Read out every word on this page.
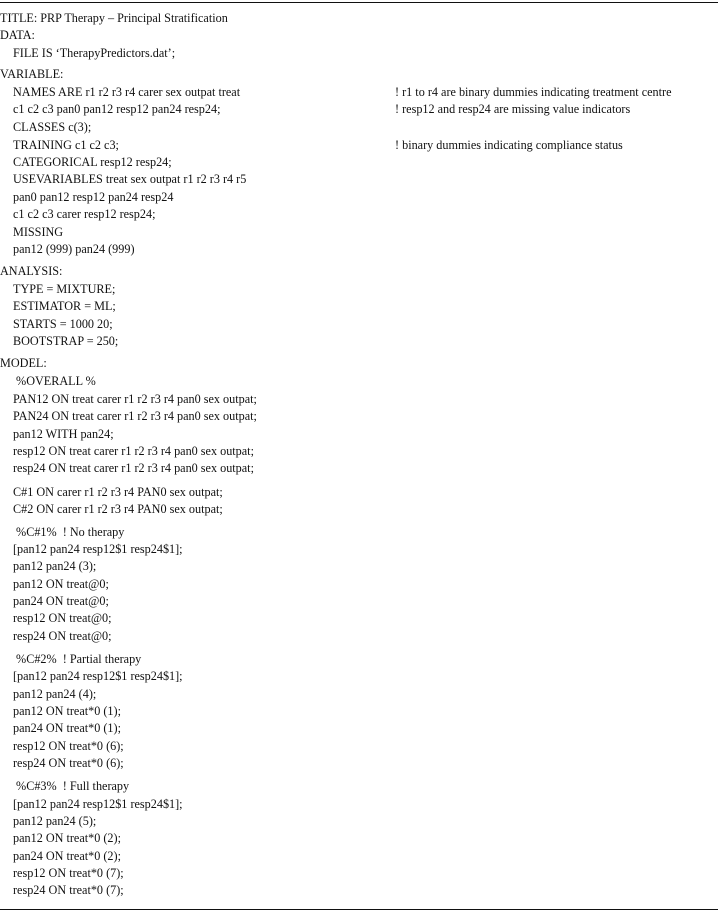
TITLE: PRP Therapy – Principal Stratification
DATA:
FILE IS ‘TherapyPredictors.dat’;
VARIABLE:
NAMES ARE r1 r2 r3 r4 carer sex outpat treat	! r1 to r4 are binary dummies indicating treatment centre
c1 c2 c3 pan0 pan12 resp12 pan24 resp24;	! resp12 and resp24 are missing value indicators
CLASSES c(3);
TRAINING c1 c2 c3;	! binary dummies indicating compliance status
CATEGORICAL resp12 resp24;
USEVARIABLES treat sex outpat r1 r2 r3 r4 r5
pan0 pan12 resp12 pan24 resp24
c1 c2 c3 carer resp12 resp24;
MISSING
pan12 (999) pan24 (999)
ANALYSIS:
TYPE = MIXTURE;
ESTIMATOR = ML;
STARTS = 1000 20;
BOOTSTRAP = 250;
MODEL:
%OVERALL %
PAN12 ON treat carer r1 r2 r3 r4 pan0 sex outpat;
PAN24 ON treat carer r1 r2 r3 r4 pan0 sex outpat;
pan12 WITH pan24;
resp12 ON treat carer r1 r2 r3 r4 pan0 sex outpat;
resp24 ON treat carer r1 r2 r3 r4 pan0 sex outpat;
C#1 ON carer r1 r2 r3 r4 PAN0 sex outpat;
C#2 ON carer r1 r2 r3 r4 PAN0 sex outpat;
%C#1%  ! No therapy
[pan12 pan24 resp12$1 resp24$1];
pan12 pan24 (3);
pan12 ON treat@0;
pan24 ON treat@0;
resp12 ON treat@0;
resp24 ON treat@0;
%C#2%  ! Partial therapy
[pan12 pan24 resp12$1 resp24$1];
pan12 pan24 (4);
pan12 ON treat*0 (1);
pan24 ON treat*0 (1);
resp12 ON treat*0 (6);
resp24 ON treat*0 (6);
%C#3%  ! Full therapy
[pan12 pan24 resp12$1 resp24$1];
pan12 pan24 (5);
pan12 ON treat*0 (2);
pan24 ON treat*0 (2);
resp12 ON treat*0 (7);
resp24 ON treat*0 (7);
